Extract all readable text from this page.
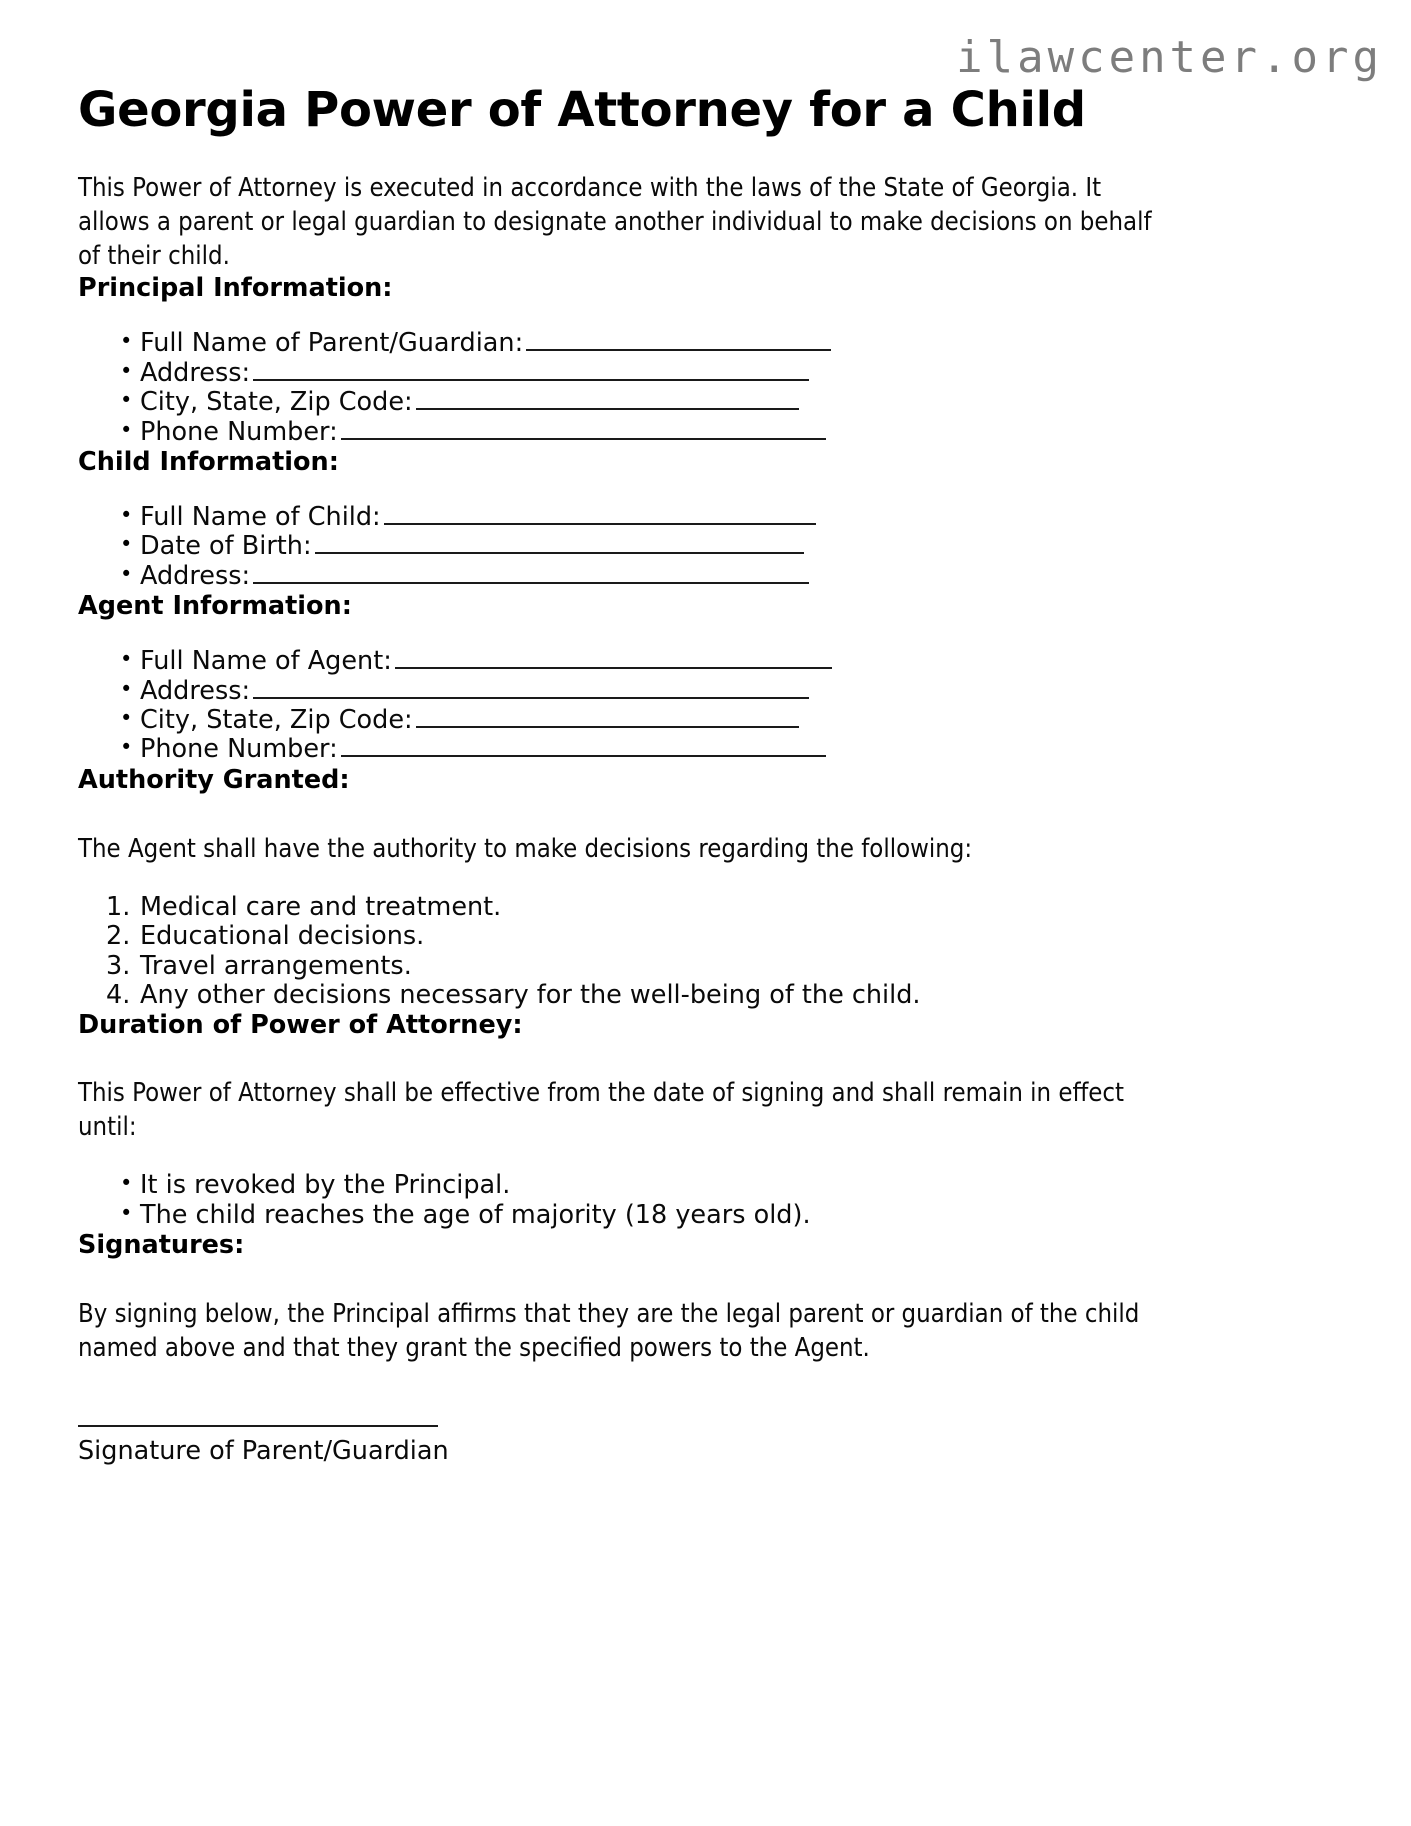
ilawcenter.org
Georgia Power of Attorney for a Child

This Power of Attorney is executed in accordance with the laws of the State of Georgia. It allows a parent or legal guardian to designate another individual to make decisions on behalf of their child.

Principal Information:
• Full Name of Parent/Guardian:
• Address:
• City, State, Zip Code:
• Phone Number:
Child Information:
• Full Name of Child:
• Date of Birth:
• Address:
Agent Information:
• Full Name of Agent:
• Address:
• City, State, Zip Code:
• Phone Number:
Authority Granted:

The Agent shall have the authority to make decisions regarding the following:

Medical care and treatment.
Educational decisions.
Travel arrangements.
Any other decisions necessary for the well-being of the child.
Duration of Power of Attorney:

This Power of Attorney shall be effective from the date of signing and shall remain in effect until:

• It is revoked by the Principal.
• The child reaches the age of majority (18 years old).
Signatures:

By signing below, the Principal affirms that they are the legal parent or guardian of the child named above and that they grant the specified powers to the Agent.

Signature of Parent/Guardian
